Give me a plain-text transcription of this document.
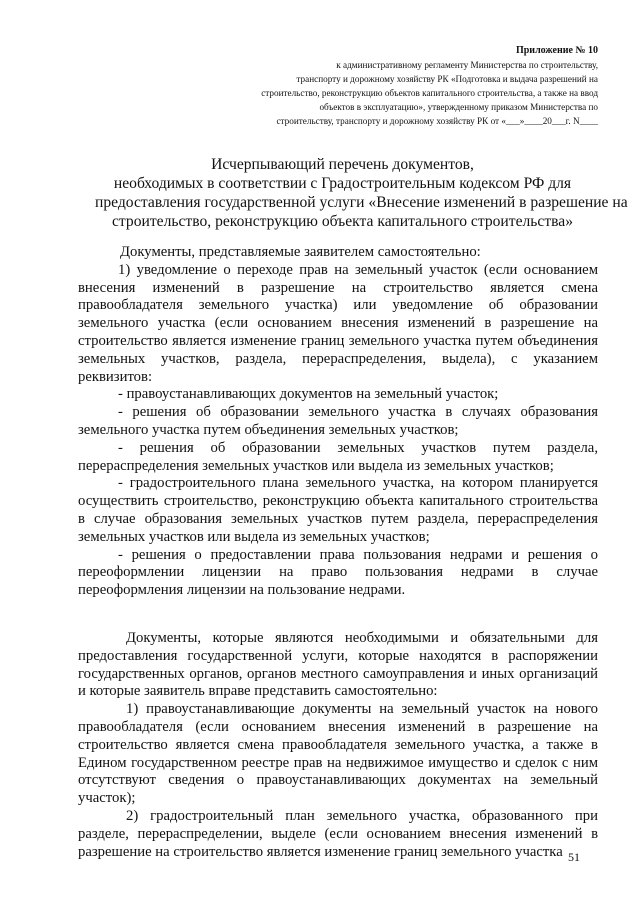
Приложение № 10
к административному регламенту Министерства по строительству,
транспорту и дорожному хозяйству РК «Подготовка и выдача разрешений на
строительство, реконструкцию объектов капитального строительства, а также на ввод
объектов в эксплуатацию», утвержденному приказом Министерства по
строительству, транспорту и дорожному хозяйству РК от «___»____20___г. N____
Исчерпывающий перечень документов,
необходимых в соответствии с Градостроительным кодексом РФ для
предоставления государственной услуги «Внесение изменений в разрешение на
строительство, реконструкцию объекта капитального строительства»

Документы, представляемые заявителем самостоятельно:

1) уведомление о переходе прав на земельный участок (если основанием внесения изменений в разрешение на строительство является смена правообладателя земельного участка) или уведомление об образовании земельного участка (если основанием внесения изменений в разрешение на строительство является изменение границ земельного участка путем объединения земельных участков, раздела, перераспределения, выдела), с указанием реквизитов:

- правоустанавливающих документов на земельный участок;

- решения об образовании земельного участка в случаях образования земельного участка путем объединения земельных участков;

- решения об образовании земельных участков путем раздела, перераспределения земельных участков или выдела из земельных участков;

- градостроительного плана земельного участка, на котором планируется осуществить строительство, реконструкцию объекта капитального строительства в случае образования земельных участков путем раздела, перераспределения земельных участков или выдела из земельных участков;

- решения о предоставлении права пользования недрами и решения о переоформлении лицензии на право пользования недрами в случае переоформления лицензии на пользование недрами.

Документы, которые являются необходимыми и обязательными для предоставления государственной услуги, которые находятся в распоряжении государственных органов, органов местного самоуправления и иных организаций и которые заявитель вправе представить самостоятельно:

1) правоустанавливающие документы на земельный участок на нового правообладателя (если основанием внесения изменений в разрешение на строительство является смена правообладателя земельного участка, а также в Едином государственном реестре прав на недвижимое имущество и сделок с ним отсутствуют сведения о правоустанавливающих документах на земельный участок);

2) градостроительный план земельного участка, образованного при разделе, перераспределении, выделе (если основанием внесения изменений в разрешение на строительство является изменение границ земельного участка 51
